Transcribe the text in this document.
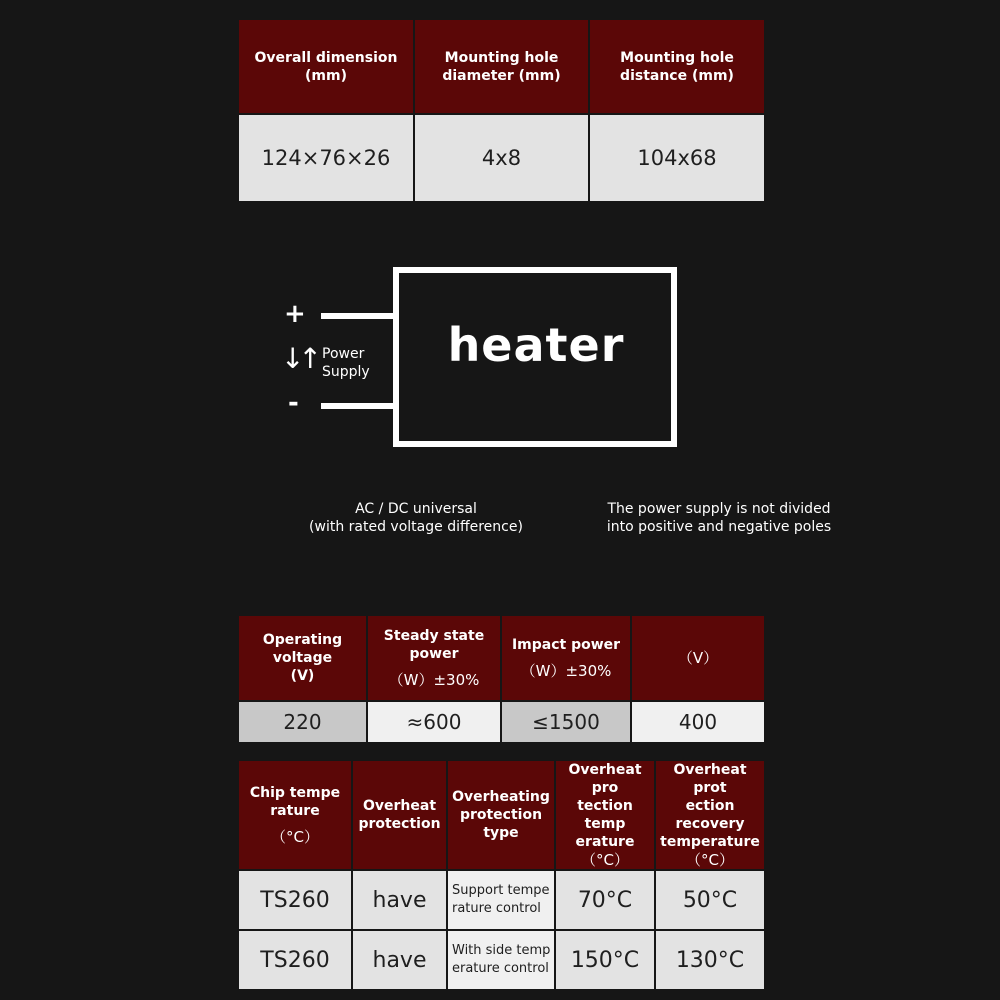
Overall dimension
(mm)	Mounting hole
diameter (mm)	Mounting hole
distance (mm)
124×76×26	4x8	104x68
+
-
↓↑ Power
Supply	heater
AC / DC universal
(with rated voltage difference)
The power supply is not divided
into positive and negative poles
Operating
voltage
(V)	Steady state
power
（W）±30%	Impact power
（W）±30%	（V）

220	≈600	≤1500	400
Chip tempe
rature
（°C）	Overheat
protection	Overheating
protection
type	Overheat pro
tection temp
erature
（°C）	Overheat prot
ection recovery
temperature
（°C）

TS260	have	Support tempe
rature control	70°C	50°C
TS260	have	With side temp
erature control	150°C	130°C
